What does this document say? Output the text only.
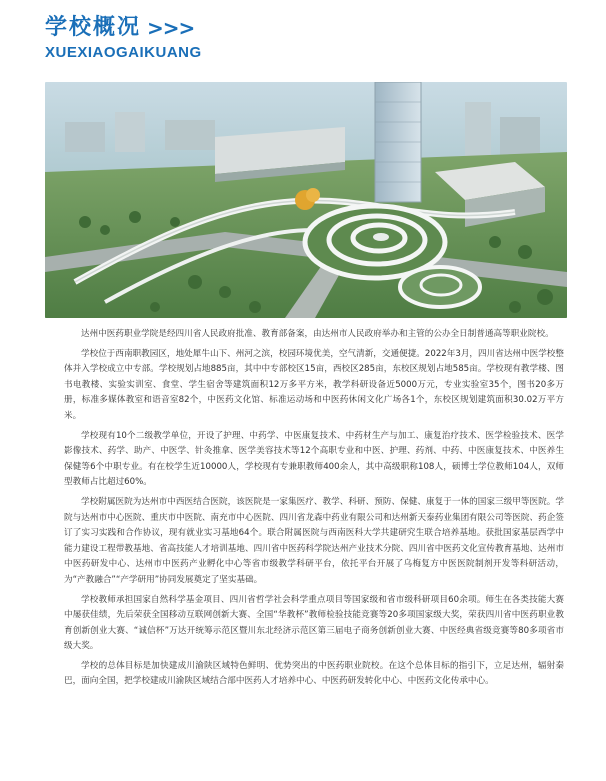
学校概况 >>>
XUEXIAOGAIKUANG

达州中医药职业学院是经四川省人民政府批准、教育部备案，由达州市人民政府举办和主管的公办全日制普通高等职业院校。

学校位于西南职教园区，地处犀牛山下、州河之滨，校园环境优美，空气清新，交通便捷。2022年3月，四川省达州中医学校整体并入学校成立中专部。学校规划占地885亩，其中中专部校区15亩，西校区285亩，东校区规划占地585亩。学校现有教学楼、图书电教楼、实验实训室、食堂、学生宿舍等建筑面积12万多平方米，教学科研设备近5000万元，专业实验室35个，图书20多万册，标准多媒体教室和语音室82个，中医药文化馆、标准运动场和中医药休闲文化广场各1个，东校区规划建筑面积30.02万平方米。

学校现有10个二级教学单位，开设了护理、中药学、中医康复技术、中药材生产与加工、康复治疗技术、医学检验技术、医学影像技术、药学、助产、中医学、针灸推拿、医学美容技术等12个高职专业和中医、护理、药剂、中药、中医康复技术、中医养生保健等6个中职专业。有在校学生近10000人，学校现有专兼职教师400余人，其中高级职称108人，硕博士学位教师104人，双师型教师占比超过60%。

学校附属医院为达州市中西医结合医院，该医院是一家集医疗、教学、科研、预防、保健、康复于一体的国家三级甲等医院。学院与达州市中心医院、重庆市中医院、南充市中心医院、四川省龙森中药业有限公司和达州新天泰药业集团有限公司等医院、药企签订了实习实践和合作协议，现有就业实习基地64个。联合附属医院与西南医科大学共建研究生联合培养基地。获批国家基层西学中能力建设工程带教基地、省高技能人才培训基地、四川省中医药科学院达州产业技术分院、四川省中医药文化宣传教育基地、达州市中医药研发中心、达州市中医药产业孵化中心等省市级教学科研平台，依托平台开展了乌梅复方中医医院制剂开发等科研活动，为“产教融合”“产学研用”协同发展奠定了坚实基础。

学校教师承担国家自然科学基金项目、四川省哲学社会科学重点项目等国家级和省市级科研项目60余项。师生在各类技能大赛中屡获佳绩，先后荣获全国移动互联网创新大赛、全国“华教杯”教师检验技能竞赛等20多项国家级大奖，荣获四川省中医药职业教育创新创业大赛、“诚信杯”万达开统筹示范区暨川东北经济示范区第三届电子商务创新创业大赛、中医经典省级竞赛等80多项省市级大奖。

学校的总体目标是加快建成川渝陕区域特色鲜明、优势突出的中医药职业院校。在这个总体目标的指引下，立足达州，辐射秦巴，面向全国，把学校建成川渝陕区域结合部中医药人才培养中心、中医药研发转化中心、中医药文化传承中心。
